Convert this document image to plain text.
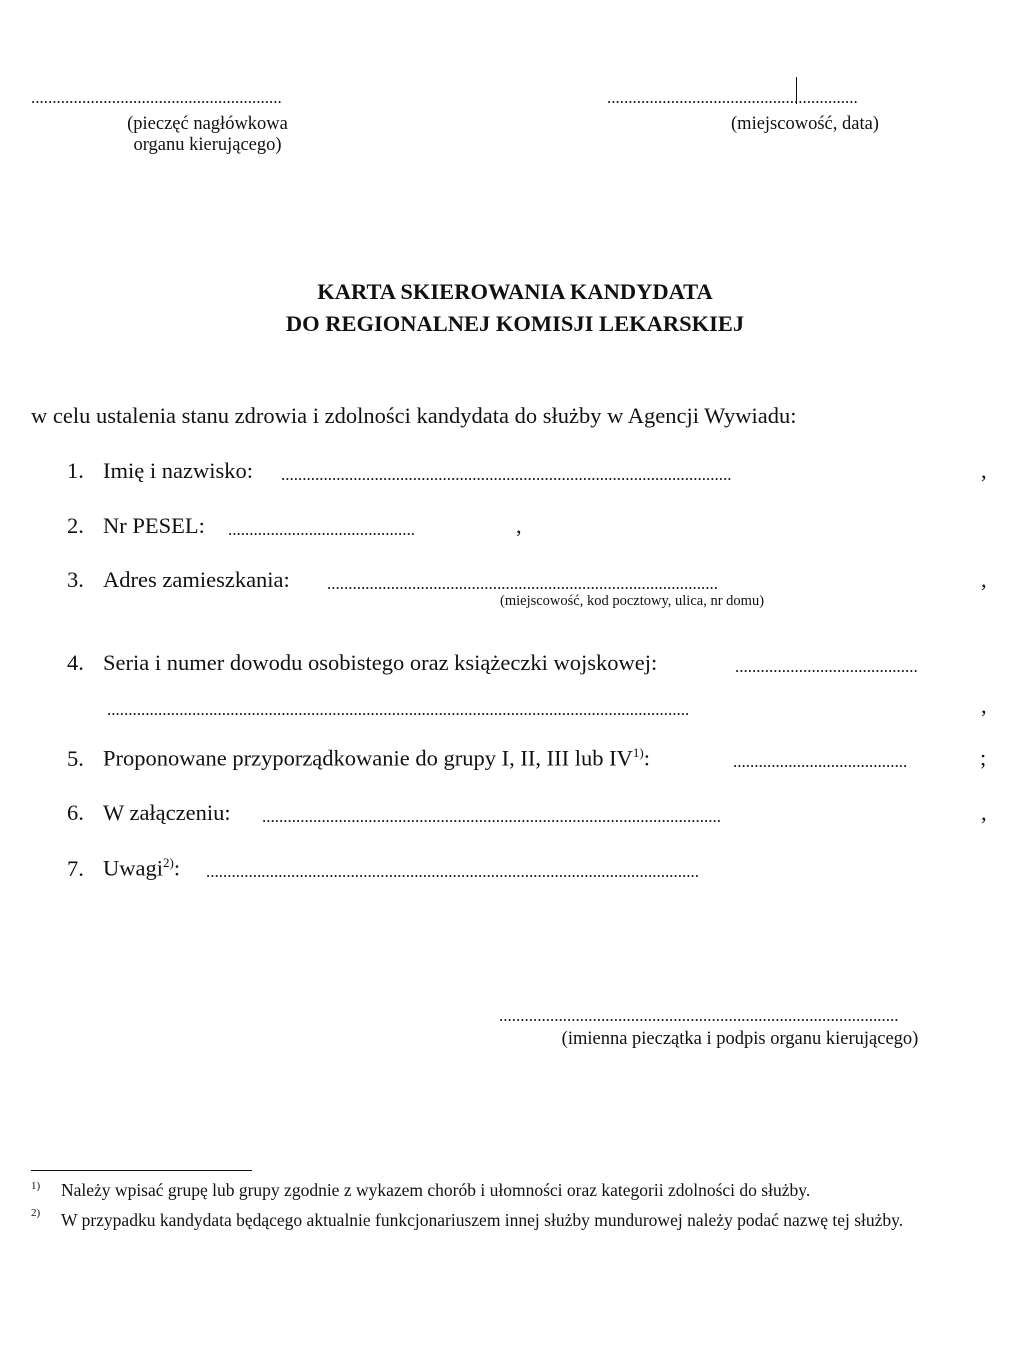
...........................................................
(pieczęć nagłówkowa
organu kierującego)
...........................................................
(miejscowość, data)
KARTA SKIEROWANIA KANDYDATA
DO REGIONALNEJ KOMISJI LEKARSKIEJ
w celu ustalenia stanu zdrowia i zdolności kandydata do służby w Agencji Wywiadu:
1. Imię i nazwisko: ..........................................................................................................	,
2. Nr PESEL: ............................................	,
3. Adres zamieszkania: ............................................................................................	,
(miejscowość, kod pocztowy, ulica, nr domu)
4. Seria i numer dowodu osobistego oraz książeczki wojskowej:	...........................................
.........................................................................................................................................	,
5. Proponowane przyporządkowanie do grupy I, II, III lub IV$^{1)}$:	.........................................	;
6. W załączeniu: ............................................................................................................	,
7. Uwagi$^{2)}$: ....................................................................................................................
..............................................................................................
(imienna pieczątka i podpis organu kierującego)
$^{1)}$ Należy wpisać grupę lub grupy zgodnie z wykazem chorób i ułomności oraz kategorii zdolności do służby.
$^{2)}$ W przypadku kandydata będącego aktualnie funkcjonariuszem innej służby mundurowej należy podać nazwę tej służby.
